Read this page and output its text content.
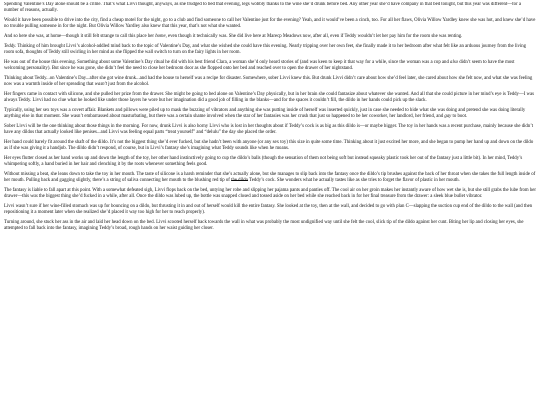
Spending Valentine’s Day alone should be a crime. That’s what Livvi thought, anyways, as she trudged to bed that evening, legs wobbly thanks to the wine she’d drunk before bed. Any other year she’d have company in that bed tonight, but this year was different—for a number of reasons, actually.

Would it have been possible to drive into the city, find a cheap motel for the night, go to a club and find someone to call her Valentine just for the evening? Yeah, and it would’ve been a cinch, too. For all her flaws, Olivia Willow Yardley knew she was hot, and knew she’d have no trouble pulling someone in for the night. But Olivia Willow Yardley also knew that this year, that’s not what she wanted.

And so here she was, at home—though it still felt strange to call this place her home, even though it technically was. She did live here at Marecp Meadows now, after all, even if Teddy wouldn’t let her pay him for the room she was renting.

Teddy. Thinking of him brought Livvi’s alcohol-addled mind back to the topic of Valentine’s Day, and what she wished she could have this evening. Nearly tripping over her own feet, she finally made it to her bedroom after what felt like an arduous journey from the living room sofa, thoughts of Teddy still swirling in her mind as she flipped the wall switch to turn on the fairy lights in her room.

He was out of the house this evening. Something about some Valentine’s Day ritual he did with his best friend Clara, a woman she’d only heard stories of (and was keen to keep it that way for a while, since the woman was a cop and also didn’t seem to have the most welcoming personality). But since he was gone, she didn’t feel the need to close her bedroom door as she flopped onto her bed and reached over to open the drawer of her nightstand.

Thinking about Teddy...on Valentine’s Day...after she got wine drunk...and had the house to herself was a recipe for disaster. Somewhere, sober Livvi knew this. But drunk Livvi didn’t care about how she’d feel later, she cared about how she felt now, and what she was feeling now was a warmth inside of her spreading that wasn’t just from the alcohol.

Her fingers came in contact with silicone, and she pulled her prize from the drawer. She might be going to bed alone on Valentine’s Day physically, but in her brain she could fantasize about whatever she wanted. And all that she could picture in her mind’s eye is Teddy—I was always Teddy. Livvi had no clue what he looked like under those layers he wore but her imagination did a good job of filling in the blanks—and for the spaces it couldn’t fill, the dildo in her hands could pick up the slack.

Typically, using her sex toys was a covert affair. Blankets and pillows were piled up to mask the buzzing of vibrators and anything she was putting inside of herself was inserted quickly, just in case she needed to hide what she was doing and pretend she was doing literally anything else in that moment. She wasn’t embarrassed about masturbating, but there was a certain shame involved when the star of her fantasies was her crush that just so happened to be her coworker, her landlord, her friend, and gay to boot.

Sober Livvi will be the one thinking about those things in the morning. For now, drunk Livvi is also horny Livvi who is lost in her thoughts about if Teddy’s cock is as big as this dildo is—or maybe bigger. The toy in her hands was a recent purchase, mainly because she didn’t have any dildos that actually looked like penises...and Livvi was feeling equal parts “treat yourself” and “delulu” the day she placed the order.

Her hand could barely fit around the shaft of the dildo. It’s not the biggest thing she’d ever fucked, but she hadn’t been with anyone (or any sex toy) this size in quite some time. Thinking about it just excited her more, and she began to pump her hand up and down on the dildo as if she was giving it a handjob. The dildo didn’t respond, of course, but in Livvi’s fantasy she’s imagining what Teddy sounds like when he moans.

Her eyes flutter closed as her hand works up and down the length of the toy, her other hand instinctively going to cup the dildo’s balls (though the sensation of them not being soft but instead squeaky plastic took her out of the fantasy just a little bit). In her mind, Teddy’s whimpering softly, a hand buried in her hair and clenching it by the roots whenever something feels good.

Without missing a beat, she leans down to take the toy in her mouth. The taste of silicone is a harsh reminder that she’s actually alone, but she manages to slip back into the fantasy once the dildo’s tip brushes against the back of her throat when she takes the full length inside of her mouth. Pulling back and gagging slightly, there’s a string of saliva connecting her mouth to the blushing red tip of the dildo Teddy’s cock. She wonders what he actually tastes like as she tries to forget the flavor of plastic in her mouth.

The fantasy is liable to fall apart at this point. With a somewhat defeated sigh, Livvi flops back on the bed, untying her robe and slipping her pajama pants and panties off. The cool air on her groin makes her instantly aware of how wet she is, but she still grabs the lube from her drawer—this was the biggest thing she’d fucked in a while, after all. Once the dildo was lubed up, the bottle was snapped closed and tossed aside on her bed while she reached back in for her final treasure from the drawer: a sleek blue bullet vibrator.

Livvi wasn’t sure if her wine-filled stomach was up for bouncing on a dildo, but thrusting it in and out of herself would kill the entire fantasy. She looked at the toy, then at the wall, and decided to go with plan C—slapping the suction cup end of the dildo to the wall (and then repositioning it a moment later when she realized she’d placed it way too high for her to reach properly).

Turning around, she stuck her ass in the air and laid her head down on the bed. Livvi scooted herself back towards the wall in what was probably the most undignified way until she felt the cool, slick tip of the dildo against her cunt. Biting her lip and closing her eyes, she attempted to fall back into the fantasy, imagining Teddy’s broad, rough hands on her waist guiding her closer.
